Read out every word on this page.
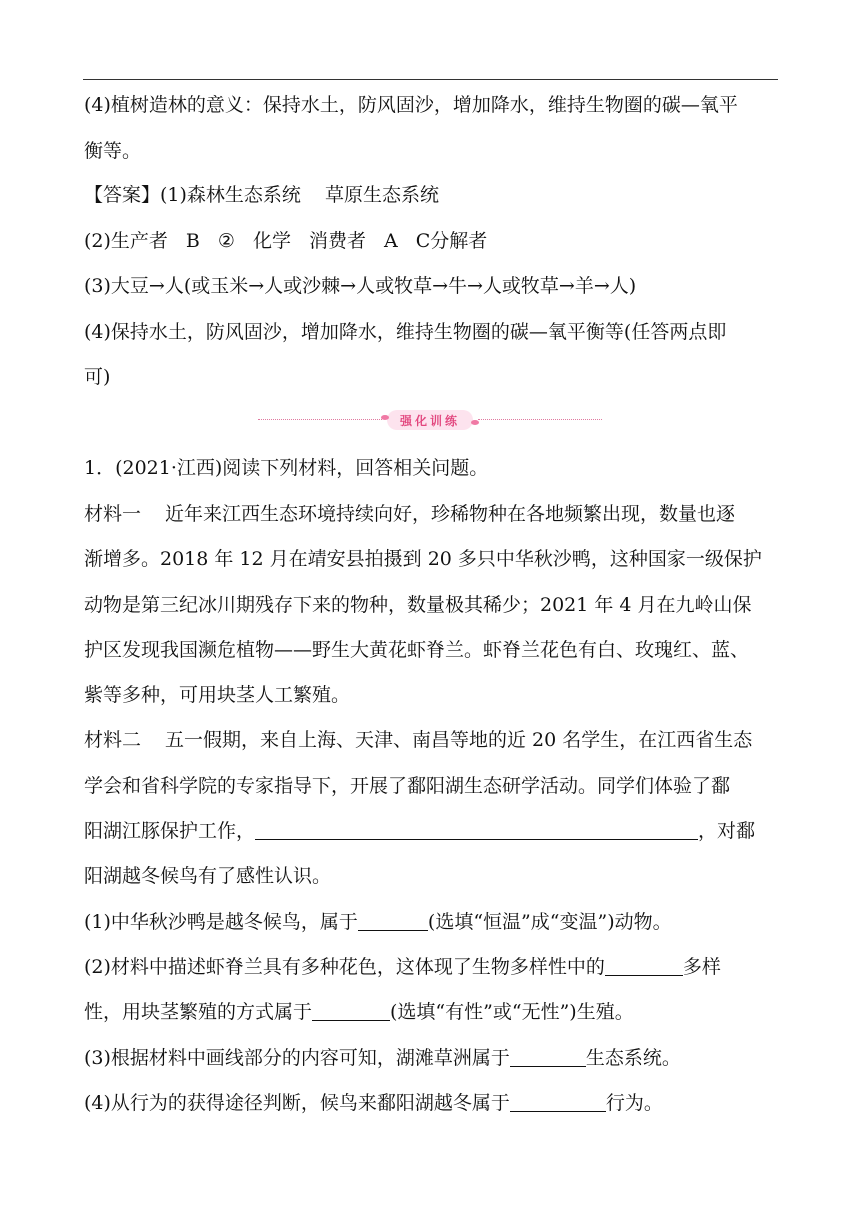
(4)植树造林的意义：保持水土，防风固沙，增加降水，维持生物圈的碳—氧平
衡等。
【答案】(1)森林生态系统 草原生态系统
(2)生产者 B ② 化学 消费者 A C分解者
(3)大豆→人(或玉米→人或沙棘→人或牧草→牛→人或牧草→羊→人)
(4)保持水土，防风固沙，增加降水，维持生物圈的碳—氧平衡等(任答两点即
可)
强化训练
1．(2021·江西)阅读下列材料，回答相关问题。
材料一 近年来江西生态环境持续向好，珍稀物种在各地频繁出现，数量也逐
渐增多。2018 年 12 月在靖安县拍摄到 20 多只中华秋沙鸭，这种国家一级保护
动物是第三纪冰川期残存下来的物种，数量极其稀少；2021 年 4 月在九岭山保
护区发现我国濒危植物——野生大黄花虾脊兰。虾脊兰花色有白、玫瑰红、蓝、
紫等多种，可用块茎人工繁殖。
材料二 五一假期，来自上海、天津、南昌等地的近 20 名学生，在江西省生态
学会和省科学院的专家指导下，开展了鄱阳湖生态研学活动。同学们体验了鄱
阳湖江豚保护工作，	，对鄱
阳湖越冬候鸟有了感性认识。
(1)中华秋沙鸭是越冬候鸟，属于	(选填“恒温”成“变温”)动物。
(2)材料中描述虾脊兰具有多种花色，这体现了生物多样性中的	多样
性，用块茎繁殖的方式属于	(选填“有性”或“无性”)生殖。
(3)根据材料中画线部分的内容可知，湖滩草洲属于	生态系统。
(4)从行为的获得途径判断，候鸟来鄱阳湖越冬属于	行为。
